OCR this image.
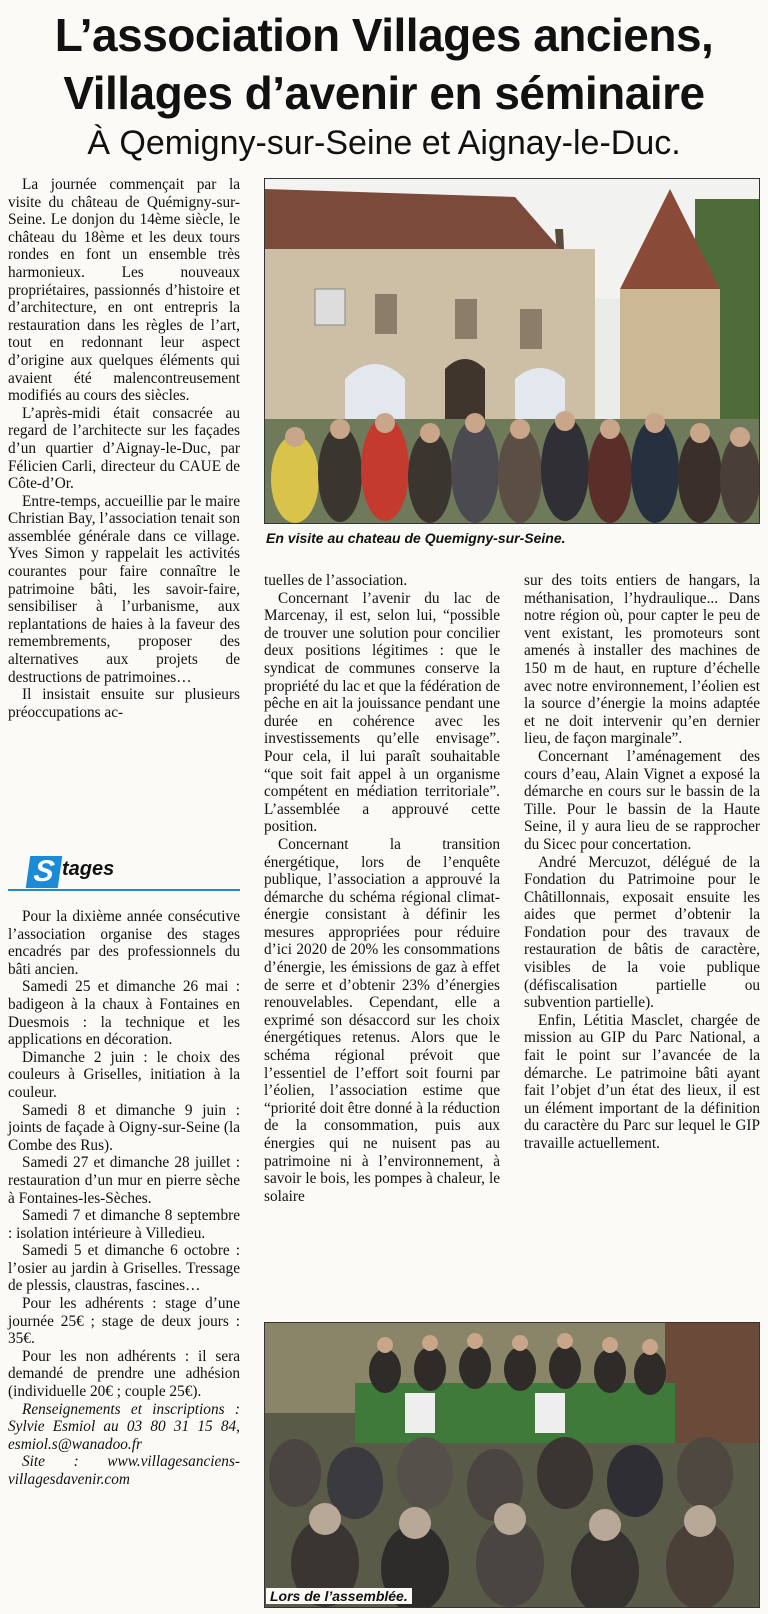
L’association Villages anciens,
Villages d’avenir en séminaire
À Qemigny-sur-Seine et Aignay-le-Duc.
En visite au chateau de Quemigny-sur-Seine.

La journée commençait par la visite du château de Quémigny-sur-Seine. Le donjon du 14ème siècle, le château du 18ème et les deux tours rondes en font un ensemble très harmonieux. Les nouveaux propriétaires, passionnés d’histoire et d’architecture, en ont entrepris la restauration dans les règles de l’art, tout en redonnant leur aspect d’origine aux quelques éléments qui avaient été malencontreusement modifiés au cours des siècles.

L’après-midi était consacrée au regard de l’architecte sur les façades d’un quartier d’Aignay-le-Duc, par Félicien Carli, directeur du CAUE de Côte-d’Or.

Entre-temps, accueillie par le maire Christian Bay, l’association tenait son assemblée générale dans ce village. Yves Simon y rappelait les activités courantes pour faire connaître le patrimoine bâti, les savoir-faire, sensibiliser à l’urbanisme, aux replantations de haies à la faveur des remembrements, proposer des alternatives aux projets de destructions de patrimoines…

Il insistait ensuite sur plusieurs préoccupations ac-

S tages

Pour la dixième année consécutive l’association organise des stages encadrés par des professionnels du bâti ancien.

Samedi 25 et dimanche 26 mai : badigeon à la chaux à Fontaines en Duesmois : la technique et les applications en décoration.

Dimanche 2 juin : le choix des couleurs à Griselles, initiation à la couleur.

Samedi 8 et dimanche 9 juin : joints de façade à Oigny-sur-Seine (la Combe des Rus).

Samedi 27 et dimanche 28 juillet : restauration d’un mur en pierre sèche à Fontaines-les-Sèches.

Samedi 7 et dimanche 8 septembre : isolation intérieure à Villedieu.

Samedi 5 et dimanche 6 octobre : l’osier au jardin à Griselles. Tressage de plessis, claustras, fascines…

Pour les adhérents : stage d’une journée 25€ ; stage de deux jours : 35€.

Pour les non adhérents : il sera demandé de prendre une adhésion (individuelle 20€ ; couple 25€).

Renseignements et inscriptions : Sylvie Esmiol au 03 80 31 15 84, esmiol.s@wanadoo.fr

Site : www.villagesanciens-villagesdavenir.com

tuelles de l’association.

Concernant l’avenir du lac de Marcenay, il est, selon lui, “possible de trouver une solution pour concilier deux positions légitimes : que le syndicat de communes conserve la propriété du lac et que la fédération de pêche en ait la jouissance pendant une durée en cohérence avec les investissements qu’elle envisage”. Pour cela, il lui paraît souhaitable “que soit fait appel à un organisme compétent en médiation territoriale”. L’assemblée a approuvé cette position.

Concernant la transition énergétique, lors de l’enquête publique, l’association a approuvé la démarche du schéma régional climat-énergie consistant à définir les mesures appropriées pour réduire d’ici 2020 de 20% les consommations d’énergie, les émissions de gaz à effet de serre et d’obtenir 23% d’énergies renouvelables. Cependant, elle a exprimé son désaccord sur les choix énergétiques retenus. Alors que le schéma régional prévoit que l’essentiel de l’effort soit fourni par l’éolien, l’association estime que “priorité doit être donné à la réduction de la consommation, puis aux énergies qui ne nuisent pas au patrimoine ni à l’environnement, à savoir le bois, les pompes à chaleur, le solaire

sur des toits entiers de hangars, la méthanisation, l’hydraulique... Dans notre région où, pour capter le peu de vent existant, les promoteurs sont amenés à installer des machines de 150 m de haut, en rupture d’échelle avec notre environnement, l’éolien est la source d’énergie la moins adaptée et ne doit intervenir qu’en dernier lieu, de façon marginale”.

Concernant l’aménagement des cours d’eau, Alain Vignet a exposé la démarche en cours sur le bassin de la Tille. Pour le bassin de la Haute Seine, il y aura lieu de se rapprocher du Sicec pour concertation.

André Mercuzot, délégué de la Fondation du Patrimoine pour le Châtillonnais, exposait ensuite les aides que permet d’obtenir la Fondation pour des travaux de restauration de bâtis de caractère, visibles de la voie publique (défiscalisation partielle ou subvention partielle).

Enfin, Létitia Masclet, chargée de mission au GIP du Parc National, a fait le point sur l’avancée de la démarche. Le patrimoine bâti ayant fait l’objet d’un état des lieux, il est un élément important de la définition du caractère du Parc sur lequel le GIP travaille actuellement.

Lors de l’assemblée.
